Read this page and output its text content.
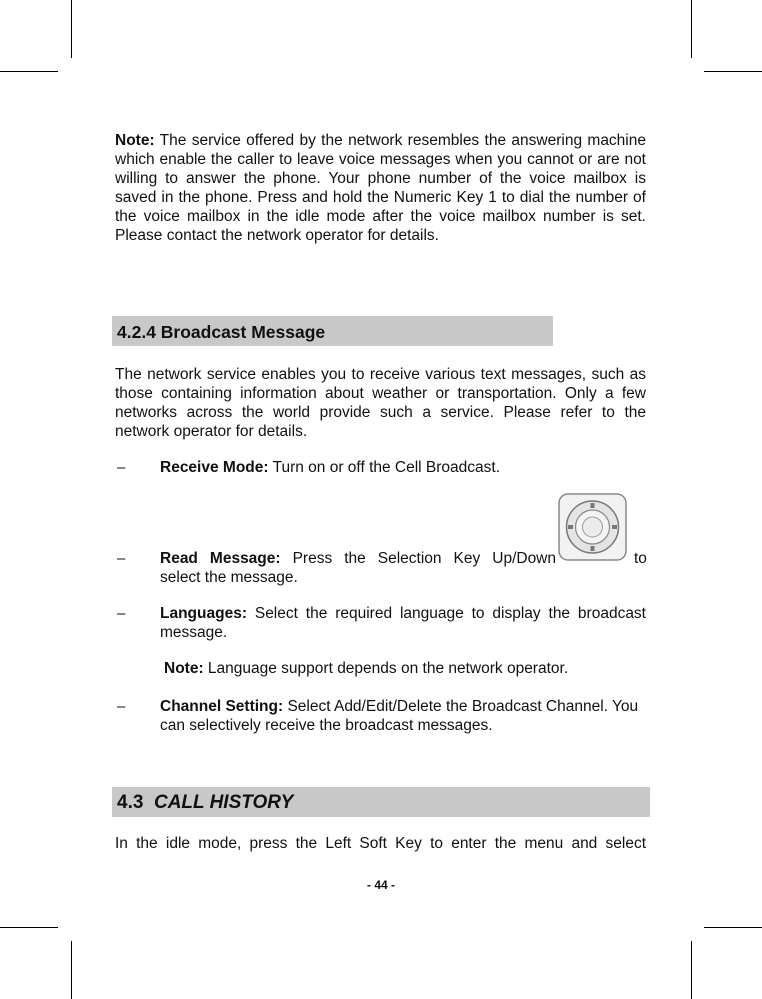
Note: The service offered by the network resembles the answering machine which enable the caller to leave voice messages when you cannot or are not willing to answer the phone. Your phone number of the voice mailbox is saved in the phone. Press and hold the Numeric Key 1 to dial the number of the voice mailbox in the idle mode after the voice mailbox number is set. Please contact the network operator for details.
4.2.4 Broadcast Message
The network service enables you to receive various text messages, such as those containing information about weather or transportation. Only a few networks across the world provide such a service. Please refer to the network operator for details.
– Receive Mode: Turn on or off the Cell Broadcast.
– Read Message: Press the Selection Key Up/Down	to
select the message.
– Languages: Select the required language to display the broadcast message.
Note: Language support depends on the network operator.
– Channel Setting: Select Add/Edit/Delete the Broadcast Channel. You can selectively receive the broadcast messages.
4.3 CALL HISTORY
In the idle mode, press the Left Soft Key to enter the menu and select
- 44 -
